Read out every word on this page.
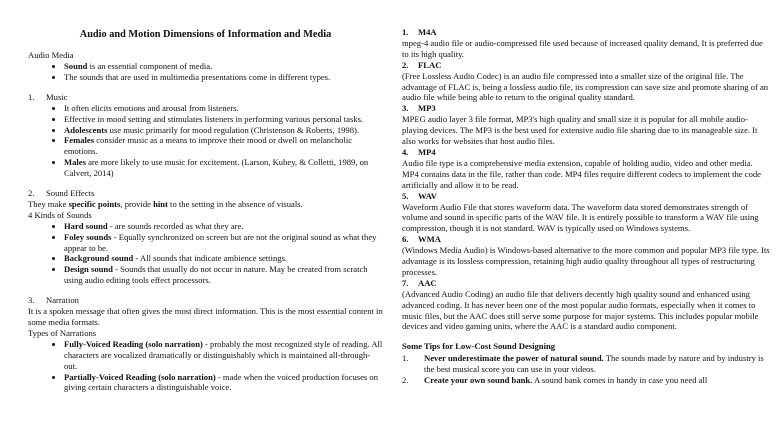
Audio and Motion Dimensions of Information and Media

Audio Media

• Sound is an essential component of media.
• The sounds that are used in multimedia presentations come in different types.

1. Music

• It often elicits emotions and arousal from listeners.
• Effective in mood setting and stimulates listeners in performing various personal tasks.
• Adolescents use music primarily for mood regulation (Christenson & Roberts, 1998).
• Females consider music as a means to improve their mood or dwell on melancholic emotions.
• Males are more likely to use music for excitement. (Larson, Kubey, & Colletti, 1989, on Calvert, 2014)

2. Sound Effects

They make specific points, provide hint to the setting in the absence of visuals.

4 Kinds of Sounds

• Hard sound - are sounds recorded as what they are.
• Foley sounds - Equally synchronized on screen but are not the original sound as what they appear to be.
• Background sound - All sounds that indicate ambience settings.
• Design sound - Sounds that usually do not occur in nature. May be created from scratch using audio editing tools effect processors.

3. Narration

It is a spoken message that often gives the most direct information. This is the most essential content in some media formats.

Types of Narrations

• Fully-Voiced Reading (solo narration) - probably the most recognized style of reading. All characters are vocalized dramatically or distinguishably which is maintained all-through-out.
• Partially-Voiced Reading (solo narration) - made when the voiced production focuses on giving certain characters a distinguishable voice.

1. M4A

mpeg-4 audio file or audio-compressed file used because of increased quality demand, It is preferred due to its high quality.

2. FLAC

(Free Lossless Audio Codec) is an audio file compressed into a smaller size of the original file. The advantage of FLAC is, being a lossless audio file, its compression can save size and promote sharing of an audio file while being able to return to the original quality standard.

3. MP3

MPEG audio layer 3 file format, MP3's high quality and small size it is popular for all mobile audio-playing devices. The MP3 is the best used for extensive audio file sharing due to its manageable size. It also works for websites that host audio files.

4. MP4

Audio file type is a comprehensive media extension, capable of holding audio, video and other media. MP4 contains data in the file, rather than code. MP4 files require different codecs to implement the code artificially and allow it to be read.

5. WAV

Waveform Audio File that stores waveform data. The waveform data stored demonstrates strength of volume and sound in specific parts of the WAV file. It is entirely possible to transform a WAV file using compression, though it is not standard. WAV is typically used on Windows systems.

6. WMA

(Windows Media Audio) is Windows-based alternative to the more common and popular MP3 file type. Its advantage is its lossless compression, retaining high audio quality throughout all types of restructuring processes.

7. AAC

(Advanced Audio Coding) an audio file that delivers decently high quality sound and enhanced using advanced coding. It has never been one of the most popular audio formats, especially when it comes to music files, but the AAC does still serve some purpose for major systems. This includes popular mobile devices and video gaming units, where the AAC is a standard audio component.

Some Tips for Low-Cost Sound Designing

1.	Never underestimate the power of natural sound. The sounds made by nature and by industry is the best musical score you can use in your videos.
2.	Create your own sound bank. A sound bank comes in handy in case you need all
